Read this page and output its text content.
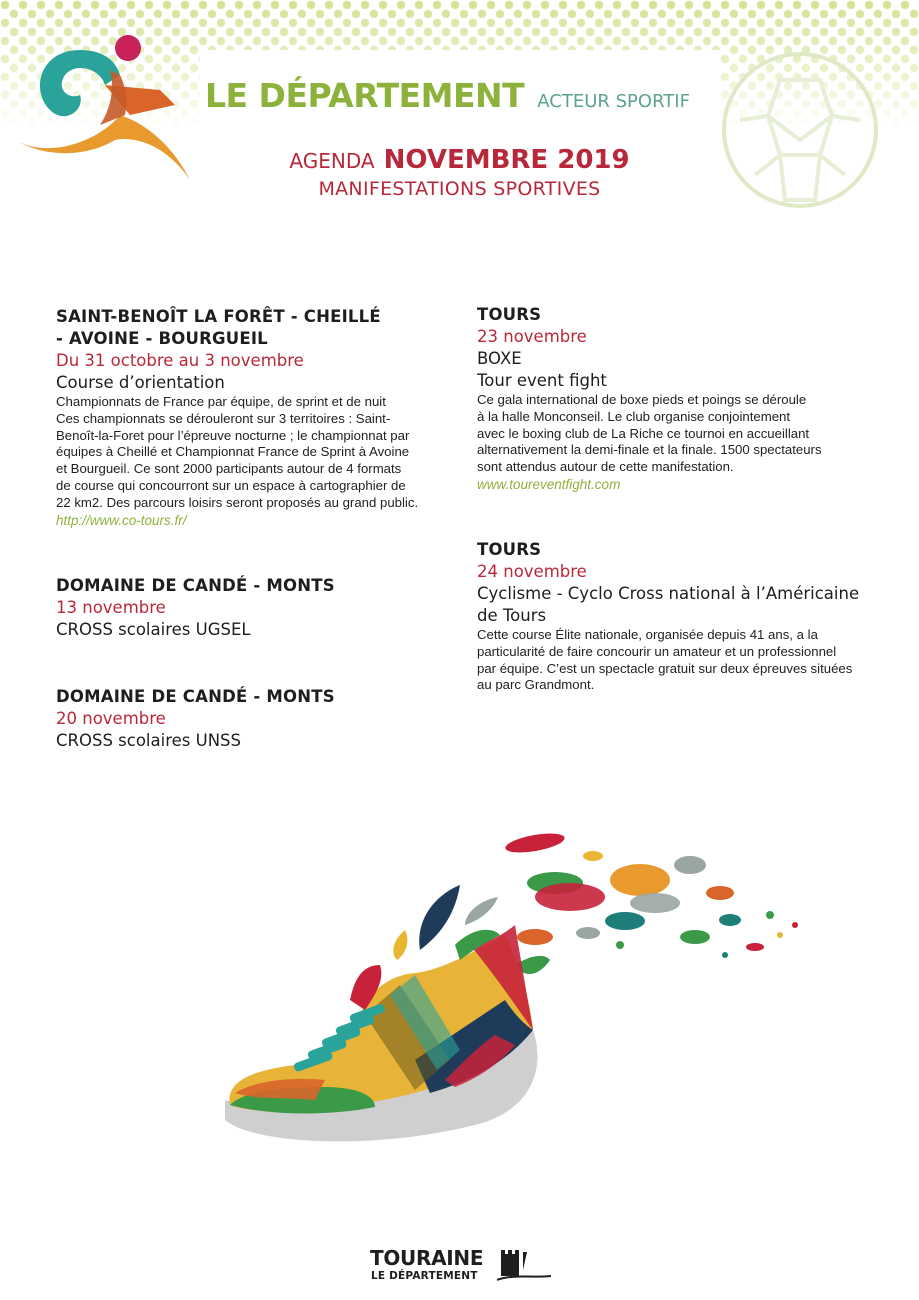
LE DÉPARTEMENT ACTEUR SPORTIF
AGENDA NOVEMBRE 2019
MANIFESTATIONS SPORTIVES
SAINT-BENOÎT LA FORÊT - CHEILLÉ
- AVOINE - BOURGUEIL
Du 31 octobre au 3 novembre
Course d’orientation
Championnats de France par équipe, de sprint et de nuit
Ces championnats se dérouleront sur 3 territoires : Saint-
Benoît-la-Foret pour l’épreuve nocturne ; le championnat par
équipes à Cheillé et Championnat France de Sprint à Avoine
et Bourgueil. Ce sont 2000 participants autour de 4 formats
de course qui concourront sur un espace à cartographier de
22 km2. Des parcours loisirs seront proposés au grand public.
http://www.co-tours.fr/
DOMAINE DE CANDÉ - MONTS
13 novembre
CROSS scolaires UGSEL
DOMAINE DE CANDÉ - MONTS
20 novembre
CROSS scolaires UNSS
TOURS
23 novembre
BOXE
Tour event fight
Ce gala international de boxe pieds et poings se déroule
à la halle Monconseil. Le club organise conjointement
avec le boxing club de La Riche ce tournoi en accueillant
alternativement la demi-finale et la finale. 1500 spectateurs
sont attendus autour de cette manifestation.
www.toureventfight.com
TOURS
24 novembre
Cyclisme - Cyclo Cross national à l’Américaine
de Tours
Cette course Élite nationale, organisée depuis 41 ans, a la
particularité de faire concourir un amateur et un professionnel
par équipe. C’est un spectacle gratuit sur deux épreuves situées
au parc Grandmont.
TOURAINE
LE DÉPARTEMENT
